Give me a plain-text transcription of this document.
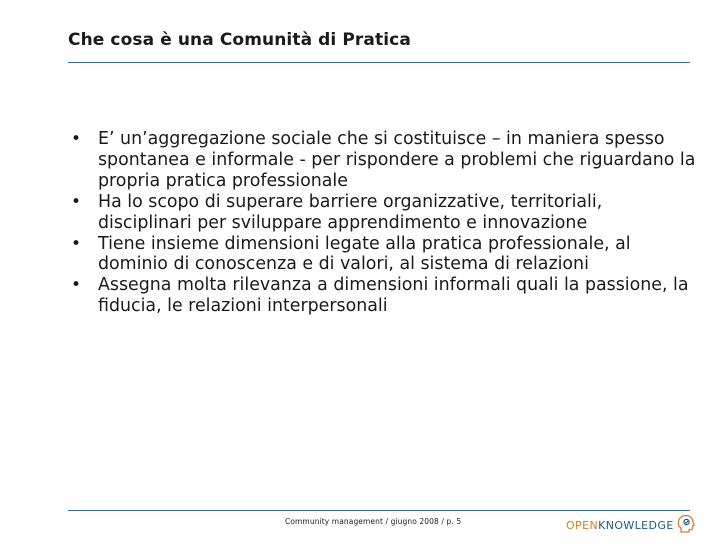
Che cosa è una Comunità di Pratica
• E’ un’aggregazione sociale che si costituisce – in maniera spesso spontanea e informale - per rispondere a problemi che riguardano la propria pratica professionale
• Ha lo scopo di superare barriere organizzative, territoriali, disciplinari per sviluppare apprendimento e innovazione
• Tiene insieme dimensioni legate alla pratica professionale, al dominio di conoscenza e di valori, al sistema di relazioni
• Assegna molta rilevanza a dimensioni informali quali la passione, la fiducia, le relazioni interpersonali
Community management / giugno 2008 / p. 5	OPENKNOWLEDGE
